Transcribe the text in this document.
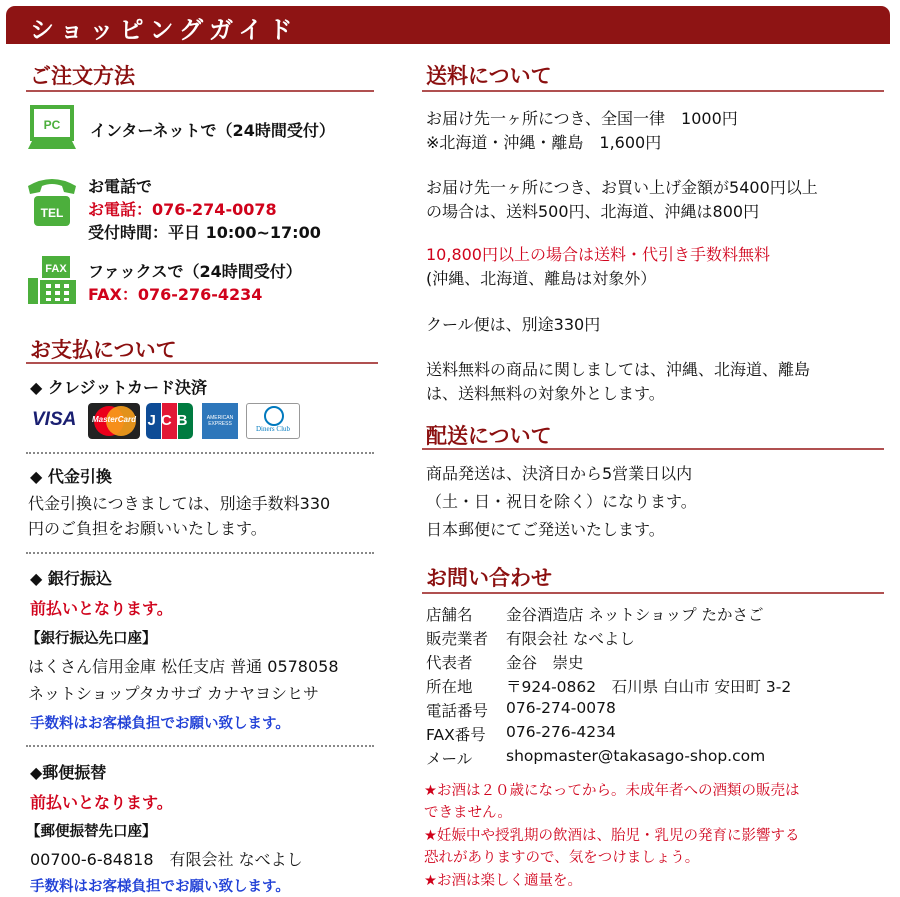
ショッピングガイド
ご注文方法
PC インターネットで（24時間受付）
TEL
お電話で
お電話：076-274-0078
受付時間：平日 10:00~17:00
FAX ファックスで（24時間受付）
FAX：076-276-4234
お支払について
◆ クレジットカード決済
VISA MasterCard JCB	AMERICAN EXPRESS
Diners Club
◆ 代金引換
代金引換につきましては、別途手数料330
円のご負担をお願いいたします。
◆ 銀行振込
前払いとなります。
【銀行振込先口座】
はくさん信用金庫 松任支店 普通 0578058
ネットショップタカサゴ カナヤヨシヒサ
手数料はお客様負担でお願い致します。
◆郵便振替
前払いとなります。
【郵便振替先口座】
00700-6-84818　有限会社 なべよし
手数料はお客様負担でお願い致します。
送料について
お届け先一ヶ所につき、全国一律　1000円
※北海道・沖縄・離島　1,600円
お届け先一ヶ所につき、お買い上げ金額が5400円以上
の場合は、送料500円、北海道、沖縄は800円
10,800円以上の場合は送料・代引き手数料無料
(沖縄、北海道、離島は対象外）
クール便は、別途330円
送料無料の商品に関しましては、沖縄、北海道、離島
は、送料無料の対象外とします。
配送について
商品発送は、決済日から5営業日以内
（土・日・祝日を除く）になります。
日本郵便にてご発送いたします。
お問い合わせ
店舗名 金谷酒造店 ネットショップ たかさご
販売業者 有限会社 なべよし
代表者 金谷　崇史
所在地 〒924-0862　石川県 白山市 安田町 3-2
電話番号 076-274-0078
FAX番号 076-276-4234
メール shopmaster@takasago-shop.com
★お酒は２０歳になってから。未成年者への酒類の販売は
できません。
★妊娠中や授乳期の飲酒は、胎児・乳児の発育に影響する
恐れがありますので、気をつけましょう。
★お酒は楽しく適量を。
